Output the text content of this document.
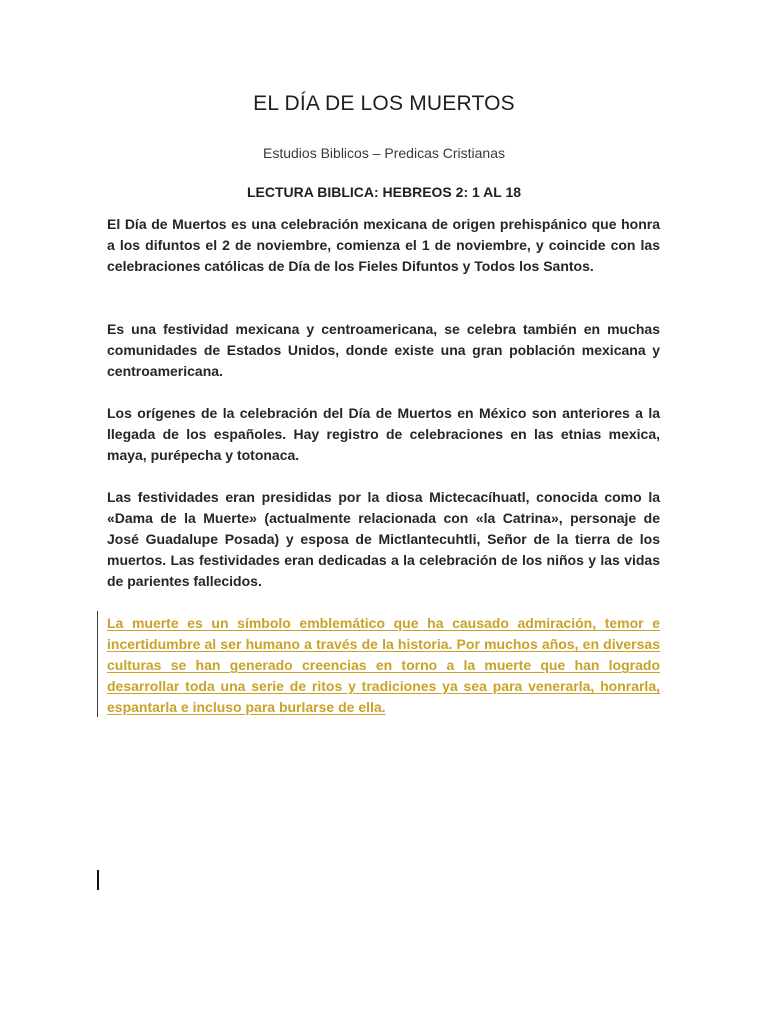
EL DÍA DE LOS MUERTOS

Estudios Biblicos – Predicas Cristianas

LECTURA BIBLICA: HEBREOS 2: 1 AL 18

El Día de Muertos es una celebración mexicana de origen prehispánico que honra a los difuntos el 2 de noviembre, comienza el 1 de noviembre, y coincide con las celebraciones católicas de Día de los Fieles Difuntos y Todos los Santos.

Es una festividad mexicana y centroamericana, se celebra también en muchas comunidades de Estados Unidos, donde existe una gran población mexicana y centroamericana.

Los orígenes de la celebración del Día de Muertos en México son anteriores a la llegada de los españoles. Hay registro de celebraciones en las etnias mexica, maya, purépecha y totonaca.

Las festividades eran presididas por la diosa Mictecacíhuatl, conocida como la «Dama de la Muerte» (actualmente relacionada con «la Catrina», personaje de José Guadalupe Posada) y esposa de Mictlantecuhtli, Señor de la tierra de los muertos. Las festividades eran dedicadas a la celebración de los niños y las vidas de parientes fallecidos.

La muerte es un símbolo emblemático que ha causado admiración, temor e incertidumbre al ser humano a través de la historia. Por muchos años, en diversas culturas se han generado creencias en torno a la muerte que han logrado desarrollar toda una serie de ritos y tradiciones ya sea para venerarla, honrarla, espantarla e incluso para burlarse de ella.
